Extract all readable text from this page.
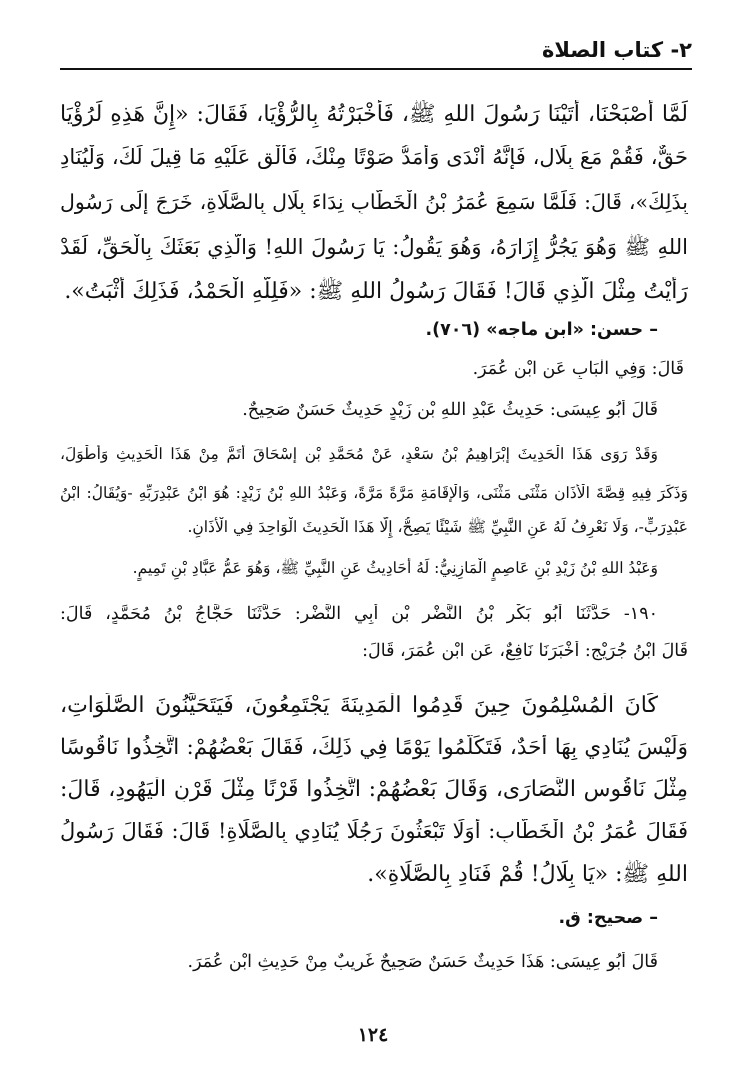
٢- كتاب الصلاة
لَمَّا أَصْبَحْنَا، أَتَيْنَا رَسُولَ اللهِ ﷺ، فَأَخْبَرْتُهُ بِالرُّؤْيَا، فَقَالَ: «إِنَّ هَذِهِ لَرُؤْيَا
حَقٌّ، فَقُمْ مَعَ بِلَالٍ، فَإِنَّهُ أَنْدَى وَأَمَدُّ صَوْتًا مِنْكَ، فَأَلْقِ عَلَيْهِ مَا قِيلَ لَكَ، وَلْيُنَادِ
بِذَلِكَ»، قَالَ: فَلَمَّا سَمِعَ عُمَرُ بْنُ الْخَطَّابِ نِدَاءَ بِلَالٍ بِالصَّلَاةِ، خَرَجَ إِلَى رَسُولِ
اللهِ ﷺ وَهُوَ يَجُرُّ إِزَارَهُ، وَهُوَ يَقُولُ: يَا رَسُولَ اللهِ! وَالَّذِي بَعَثَكَ بِالْحَقِّ، لَقَدْ
رَأَيْتُ مِثْلَ الَّذِي قَالَ! فَقَالَ رَسُولُ اللهِ ﷺ: «فَلِلَّهِ الْحَمْدُ، فَذَلِكَ أَثْبَتُ».
– حسن: «ابن ماجه» (٧٠٦).
قَالَ: وَفِي الْبَابِ عَنِ ابْنِ عُمَرَ.
قَالَ أَبُو عِيسَى: حَدِيثُ عَبْدِ اللهِ بْنِ زَيْدٍ حَدِيثٌ حَسَنٌ صَحِيحٌ.
وَقَدْ رَوَى هَذَا الْحَدِيثَ إِبْرَاهِيمُ بْنُ سَعْدٍ، عَنْ مُحَمَّدِ بْنِ إِسْحَاقَ أَتَمَّ مِنْ هَذَا الْحَدِيثِ وَأَطْوَلَ،
وَذَكَرَ فِيهِ قِصَّةَ الْأَذَانِ مَثْنَى مَثْنَى، وَالْإِقَامَةِ مَرَّةً مَرَّةً، وَعَبْدُ اللهِ بْنُ زَيْدٍ: هُوَ ابْنُ عَبْدِرَبِّهِ -وَيُقَالُ: ابْنُ
عَبْدِرَبٍّ-، وَلَا نَعْرِفُ لَهُ عَنِ النَّبِيِّ ﷺ شَيْئًا يَصِحُّ، إِلَّا هَذَا الْحَدِيثَ الْوَاحِدَ فِي الْأَذَانِ.
وَعَبْدُ اللهِ بْنُ زَيْدِ بْنِ عَاصِمٍ الْمَازِنِيُّ: لَهُ أَحَادِيثُ عَنِ النَّبِيِّ ﷺ، وَهُوَ عَمُّ عَبَّادِ بْنِ تَمِيمٍ.
١٩٠- حَدَّثَنَا أَبُو بَكْرِ بْنُ النَّضْرِ بْنِ أَبِي النَّضْرِ: حَدَّثَنَا حَجَّاجُ بْنُ مُحَمَّدٍ، قَالَ:
قَالَ ابْنُ جُرَيْجٍ: أَخْبَرَنَا نَافِعٌ، عَنِ ابْنِ عُمَرَ، قَالَ:
كَانَ الْمُسْلِمُونَ حِينَ قَدِمُوا الْمَدِينَةَ يَجْتَمِعُونَ، فَيَتَحَيَّنُونَ الصَّلَوَاتِ،
وَلَيْسَ يُنَادِي بِهَا أَحَدٌ، فَتَكَلَّمُوا يَوْمًا فِي ذَلِكَ، فَقَالَ بَعْضُهُمْ: اتَّخِذُوا نَاقُوسًا
مِثْلَ نَاقُوسِ النَّصَارَى، وَقَالَ بَعْضُهُمْ: اتَّخِذُوا قَرْنًا مِثْلَ قَرْنِ الْيَهُودِ، قَالَ:
فَقَالَ عُمَرُ بْنُ الْخَطَّابِ: أَوَلَا تَبْعَثُونَ رَجُلًا يُنَادِي بِالصَّلَاةِ! قَالَ: فَقَالَ رَسُولُ
اللهِ ﷺ: «يَا بِلَالُ! قُمْ فَنَادِ بِالصَّلَاةِ».
– صحيح: ق.
قَالَ أَبُو عِيسَى: هَذَا حَدِيثٌ حَسَنٌ صَحِيحٌ غَرِيبٌ مِنْ حَدِيثِ ابْنِ عُمَرَ.
١٢٤
